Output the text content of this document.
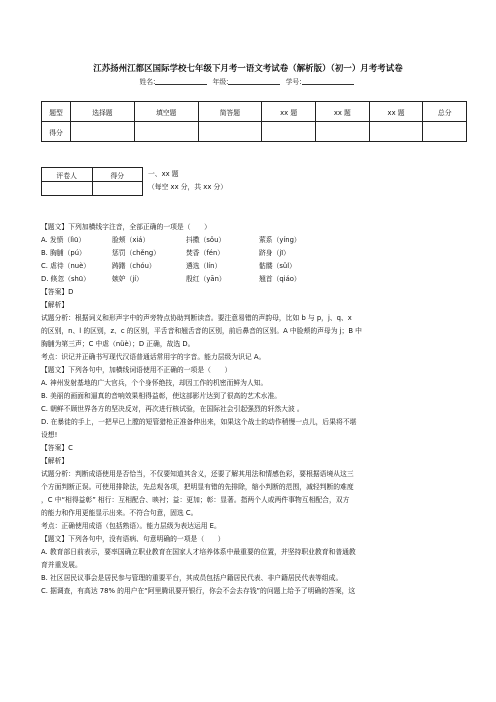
江苏扬州江都区国际学校七年级下月考一语文考试卷（解析版）（初一）月考考试卷
姓名:	年级:	学号:
题型	选择题	填空题	简答题	xx 题	xx 题	xx 题	总分
得分							
评卷人	得分
		一、xx 题
（每空 xx 分，共 xx 分）
【题文】下列加横线字注音，全部正确的一项是（　　）
A. 发愤（lìū）	脸颊（xiá）	抖擞（sǒu）	萦系（yíng）
B. 胸脯（pú）	惩罚（chěng）	焚香（fén）	跻身（jī）
C. 虐待（nuè）	踌躇（chóu）	遴选（lín）	骷髅（sǔl）
D. 倏忽（shū）	嫉妒（jí）	殷红（yān）	翘首（qiáo）
【答案】D
【解析】
试题分析：根据词义和形声字中的声旁特点协助判断读音。要注意易错的声韵母，比如 b 与 p，j、q、x
的区别，n、l 的区别，z、c 的区别，平舌音和翘舌音的区别，前后鼻音的区别。A 中脸颊的声母为 j；B 中
胸脯为第三声；C 中虐（nüè）；D 正确，故选 D。
考点：识记并正确书写现代汉语普通话常用字的字音。能力层级为识记 A。
【题文】下列各句中，加横线词语使用不正确的一项是（　　）
A. 神州发射基地的广大官兵，个个身怀绝技，却因工作的机密而鲜为人知。
B. 美丽的画面和逼真的音响效果相得益彰，使这部影片达到了很高的艺术水准。
C. 朝鲜不顾世界各方的坚决反对，再次进行核试验，在国际社会引起强烈的轩然大波 。
D. 在暴徒的手上，一把早已上膛的短管猎枪正准备伸出来，如果这个战士的动作稍慢一点儿，后果将不堪
设想!
【答案】C
【解析】
试题分析：判断成语使用是否恰当，不仅要知道其含义，还要了解其用法和情感色彩，要根据语境从这三
个方面判断正误。可使用排除法，先总观各项，把明显有错的先排除，缩小判断的范围，减轻判断的难度
，C 中“相得益彰” 相行：互相配合、映衬；益：更加；彰：显著。指两个人或两件事物互相配合，双方
的能力和作用更能显示出来。不符合句意，固选 C。
考点：正确使用成语（包括熟语）。能力层级为表达运用 E。
【题文】下列各句中，没有语病、句意明确的一项是（　　）
A. 教育部日前表示，要率国确立职业教育在国家人才培养体系中最重要的位置，并坚持职业教育和普通教
育并重发展。
B. 社区居民议事会是居民参与管理的重要平台，其成员包括户籍居民代表、非户籍居民代表等组成。
C. 据调查，有高达 78% 的用户在“阿里腾讯要开银行，你会不会去存钱”的问题上给予了明确的答案，这
